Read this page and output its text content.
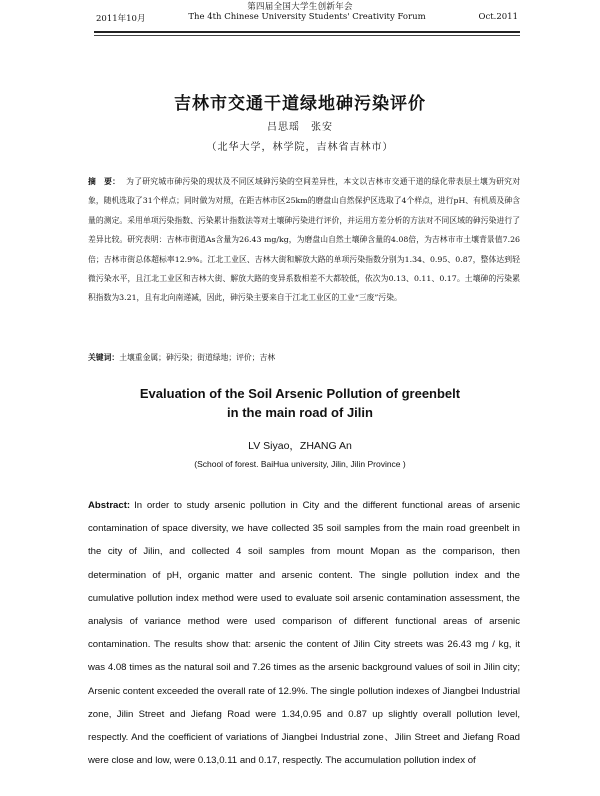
第四届全国大学生创新年会
The 4th Chinese University Students' Creativity Forum
2011年10月	Oct.2011
吉林市交通干道绿地砷污染评价
吕思瑶　张安
（北华大学，林学院，吉林省吉林市）
摘　要： 为了研究城市砷污染的现状及不同区域砷污染的空间差异性，本文以吉林市交通干道的绿化带表层土壤为研究对象，随机选取了31个样点；同时做为对照，在距吉林市区25km的磨盘山自然保护区选取了4个样点，进行pH、有机质及砷含量的测定。采用单项污染指数、污染累计指数法等对土壤砷污染进行评价，并运用方差分析的方法对不同区域的砷污染进行了差异比较。研究表明：吉林市街道As含量为26.43 mg/kg，为磨盘山自然土壤砷含量的4.08倍，为吉林市市土壤背景值7.26倍；吉林市街总体超标率12.9%。江北工业区、吉林大街和解放大路的单项污染指数分别为1.34、0.95、0.87，整体达到轻微污染水平，且江北工业区和吉林大街、解放大路的变异系数相差不大都较低，依次为0.13、0.11、0.17。土壤砷的污染累积指数为3.21，且有北向南递减，因此，砷污染主要来自于江北工业区的工业“三废”污染。
关键词：土壤重金属；砷污染；街道绿地；评价；吉林
Evaluation of the Soil Arsenic Pollution of greenbelt
in the main road of Jilin
LV Siyao，ZHANG An
(School of forest. BaiHua university, Jilin, Jilin Province )
Abstract: In order to study arsenic pollution in City and the different functional areas of arsenic contamination of space diversity, we have collected 35 soil samples from the main road greenbelt in the city of Jilin, and collected 4 soil samples from mount Mopan as the comparison, then determination of pH, organic matter and arsenic content. The single pollution index and the cumulative pollution index method were used to evaluate soil arsenic contamination assessment, the analysis of variance method were used comparison of different functional areas of arsenic contamination. The results show that: arsenic the content of Jilin City streets was 26.43 mg / kg, it was 4.08 times as the natural soil and 7.26 times as the arsenic background values of soil in Jilin city; Arsenic content exceeded the overall rate of 12.9%. The single pollution indexes of Jiangbei Industrial zone, Jilin Street and Jiefang Road were 1.34,0.95 and 0.87 up slightly overall pollution level, respectly. And the coefficient of variations of Jiangbei Industrial zone、Jilin Street and Jiefang Road were close and low, were 0.13,0.11 and 0.17, respectly. The accumulation pollution index of
